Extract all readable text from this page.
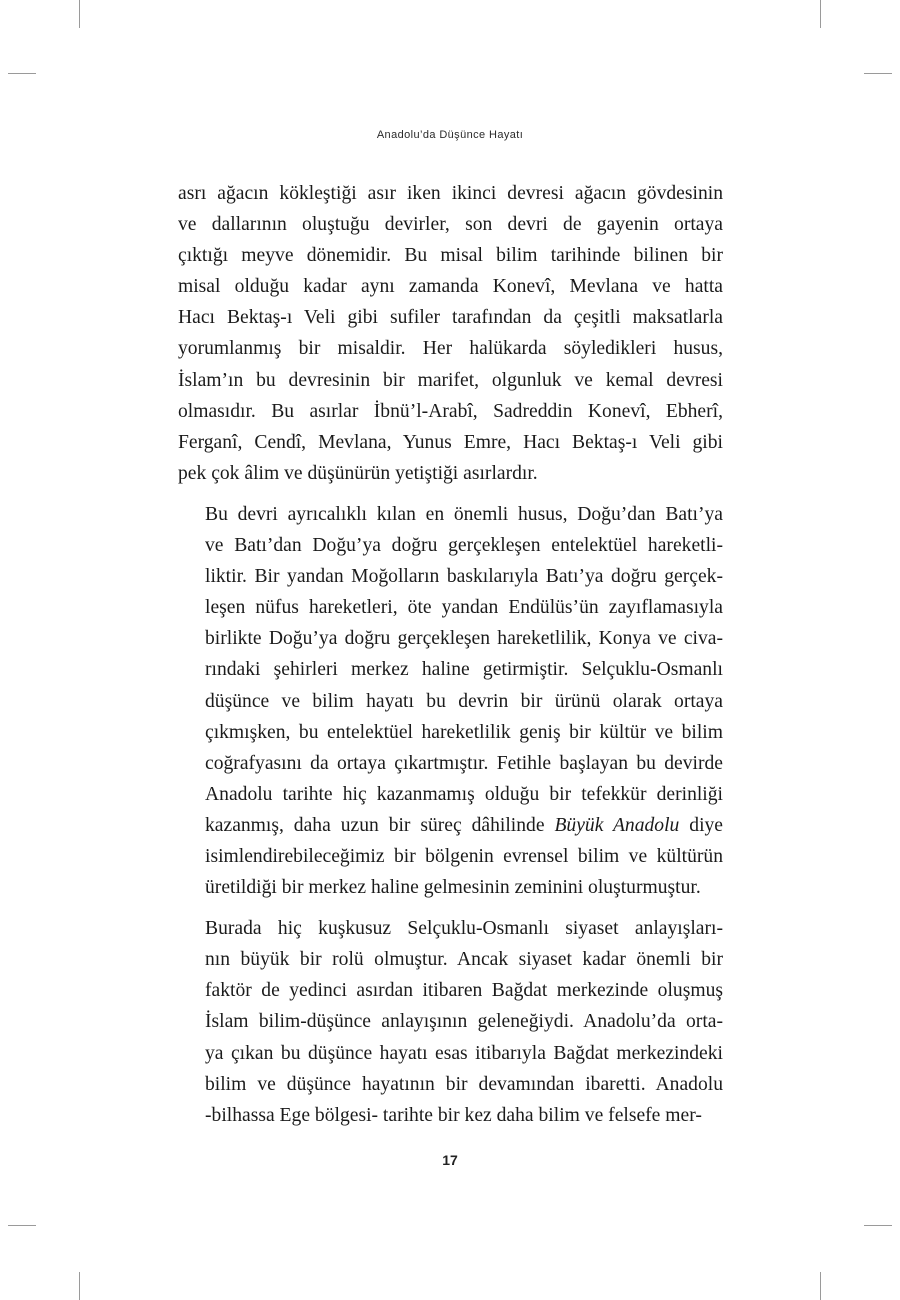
Anadolu’da Düşünce Hayatı

asrı ağacın kökleştiği asır iken ikinci devresi ağacın gövdesinin
ve dallarının oluştuğu devirler, son devri de gayenin ortaya
çıktığı meyve dönemidir. Bu misal bilim tarihinde bilinen bir
misal olduğu kadar aynı zamanda Konevî, Mevlana ve hatta
Hacı Bektaş-ı Veli gibi sufiler tarafından da çeşitli maksatlarla
yorumlanmış bir misaldir. Her halükarda söyledikleri husus,
İslam’ın bu devresinin bir marifet, olgunluk ve kemal devresi
olmasıdır. Bu asırlar İbnü’l-Arabî, Sadreddin Konevî, Ebherî,
Ferganî, Cendî, Mevlana, Yunus Emre, Hacı Bektaş-ı Veli gibi
pek çok âlim ve düşünürün yetiştiği asırlardır.

Bu devri ayrıcalıklı kılan en önemli husus, Doğu’dan Batı’ya
ve Batı’dan Doğu’ya doğru gerçekleşen entelektüel hareketli-
liktir. Bir yandan Moğolların baskılarıyla Batı’ya doğru gerçek-
leşen nüfus hareketleri, öte yandan Endülüs’ün zayıflamasıyla
birlikte Doğu’ya doğru gerçekleşen hareketlilik, Konya ve civa-
rındaki şehirleri merkez haline getirmiştir. Selçuklu-Osmanlı
düşünce ve bilim hayatı bu devrin bir ürünü olarak ortaya
çıkmışken, bu entelektüel hareketlilik geniş bir kültür ve bilim
coğrafyasını da ortaya çıkartmıştır. Fetihle başlayan bu devirde
Anadolu tarihte hiç kazanmamış olduğu bir tefekkür derinliği
kazanmış, daha uzun bir süreç dâhilinde Büyük Anadolu diye
isimlendirebileceğimiz bir bölgenin evrensel bilim ve kültürün
üretildiği bir merkez haline gelmesinin zeminini oluşturmuştur.

Burada hiç kuşkusuz Selçuklu-Osmanlı siyaset anlayışları-
nın büyük bir rolü olmuştur. Ancak siyaset kadar önemli bir
faktör de yedinci asırdan itibaren Bağdat merkezinde oluşmuş
İslam bilim-düşünce anlayışının geleneğiydi. Anadolu’da orta-
ya çıkan bu düşünce hayatı esas itibarıyla Bağdat merkezindeki
bilim ve düşünce hayatının bir devamından ibaretti. Anadolu
-bilhassa Ege bölgesi- tarihte bir kez daha bilim ve felsefe mer-

17
